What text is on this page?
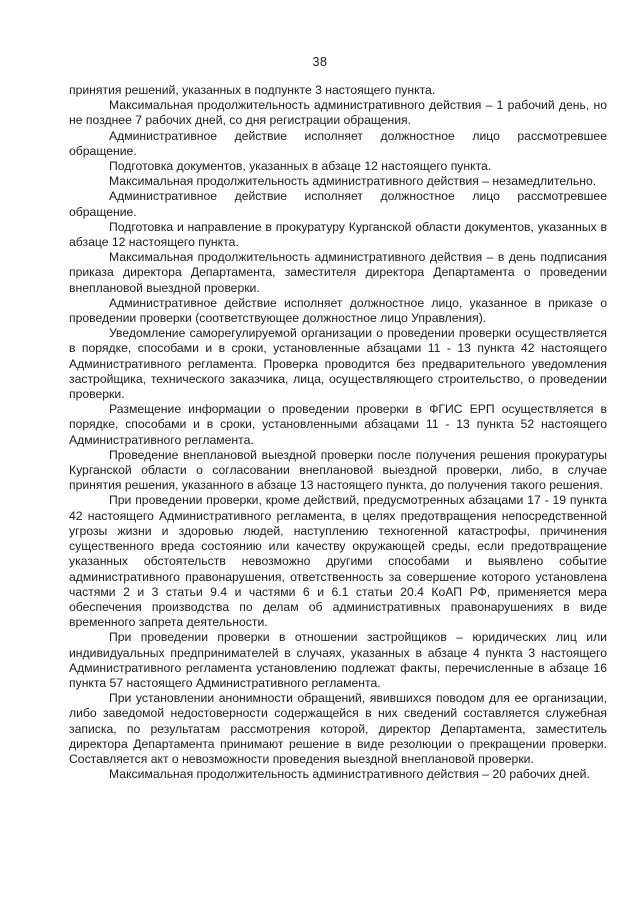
38

принятия решений, указанных в подпункте 3 настоящего пункта.

Максимальная продолжительность административного действия – 1 рабочий день, но не позднее 7 рабочих дней, со дня регистрации обращения.

Административное действие исполняет должностное лицо рассмотревшее обращение.

Подготовка документов, указанных в абзаце 12 настоящего пункта.

Максимальная продолжительность административного действия – незамедлительно.

Административное действие исполняет должностное лицо рассмотревшее обращение.

Подготовка и направление в прокуратуру Курганской области документов, указанных в абзаце 12 настоящего пункта.

Максимальная продолжительность административного действия – в день подписания приказа директора Департамента, заместителя директора Департамента о проведении внеплановой выездной проверки.

Административное действие исполняет должностное лицо, указанное в приказе о проведении проверки (соответствующее должностное лицо Управления).

Уведомление саморегулируемой организации о проведении проверки осуществляется в порядке, способами и в сроки, установленные абзацами 11 - 13 пункта 42 настоящего Административного регламента. Проверка проводится без предварительного уведомления застройщика, технического заказчика, лица, осуществляющего строительство, о проведении проверки.

Размещение информации о проведении проверки в ФГИС ЕРП осуществляется в порядке, способами и в сроки, установленными абзацами 11 - 13 пункта 52 настоящего Административного регламента.

Проведение внеплановой выездной проверки после получения решения прокуратуры Курганской области о согласовании внеплановой выездной проверки, либо, в случае принятия решения, указанного в абзаце 13 настоящего пункта, до получения такого решения.

При проведении проверки, кроме действий, предусмотренных абзацами 17 - 19 пункта 42 настоящего Административного регламента, в целях предотвращения непосредственной угрозы жизни и здоровью людей, наступлению техногенной катастрофы, причинения существенного вреда состоянию или качеству окружающей среды, если предотвращение указанных обстоятельств невозможно другими способами и выявлено событие административного правонарушения, ответственность за совершение которого установлена частями 2 и 3 статьи 9.4 и частями 6 и 6.1 статьи 20.4 КоАП РФ, применяется мера обеспечения производства по делам об административных правонарушениях в виде временного запрета деятельности.

При проведении проверки в отношении застройщиков – юридических лиц или индивидуальных предпринимателей в случаях, указанных в абзаце 4 пункта 3 настоящего Административного регламента установлению подлежат факты, перечисленные в абзаце 16 пункта 57 настоящего Административного регламента.

При установлении анонимности обращений, явившихся поводом для ее организации, либо заведомой недостоверности содержащейся в них сведений составляется служебная записка, по результатам рассмотрения которой, директор Департамента, заместитель директора Департамента принимают решение в виде резолюции о прекращении проверки. Составляется акт о невозможности проведения выездной внеплановой проверки.

Максимальная продолжительность административного действия – 20 рабочих дней.
